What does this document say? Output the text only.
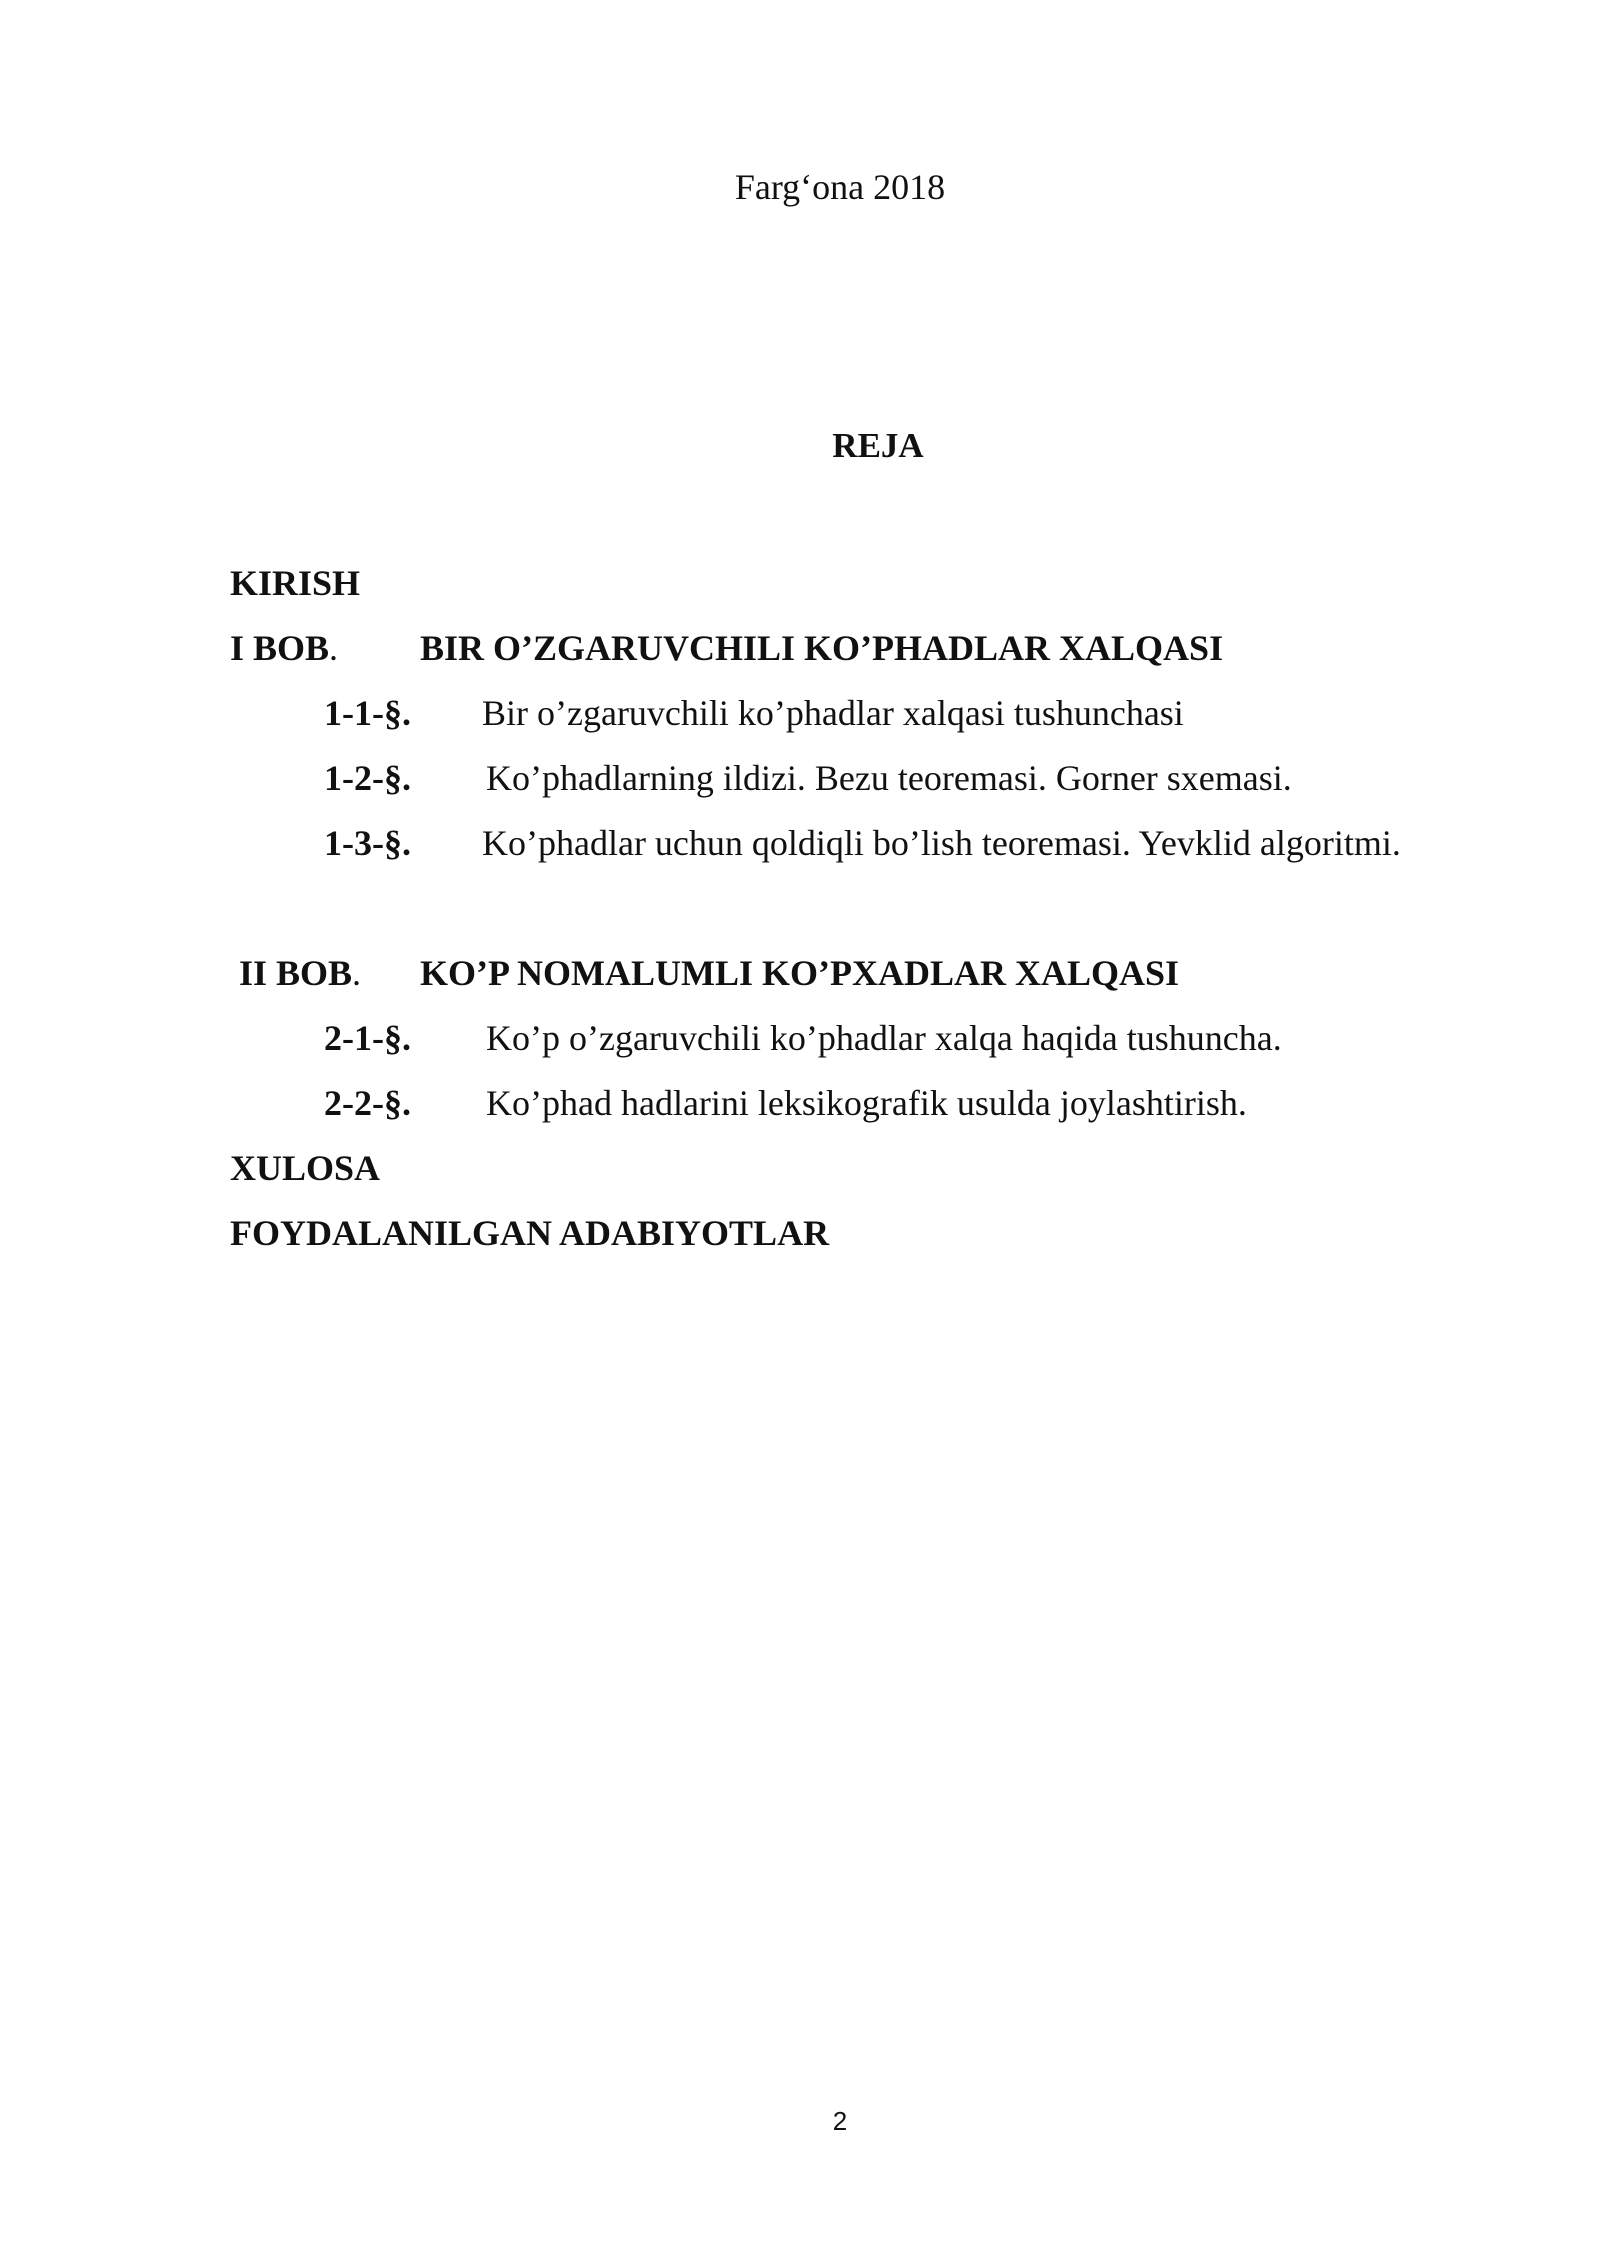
Farg‘ona 2018
REJA
KIRISH
I BOB. BIR O’ZGARUVCHILI KO’PHADLAR XALQASI
1-1-§. Bir o’zgaruvchili ko’phadlar xalqasi tushunchasi
1-2-§. Ko’phadlarning ildizi. Bezu teoremasi. Gorner sxemasi.
1-3-§. Ko’phadlar uchun qoldiqli bo’lish teoremasi. Yevklid algoritmi.
II BOB. KO’P NOMALUMLI KO’PXADLAR XALQASI
2-1-§. Ko’p o’zgaruvchili ko’phadlar xalqa haqida tushuncha.
2-2-§. Ko’phad hadlarini leksikografik usulda joylashtirish.
XULOSA
FOYDALANILGAN ADABIYOTLAR
2
